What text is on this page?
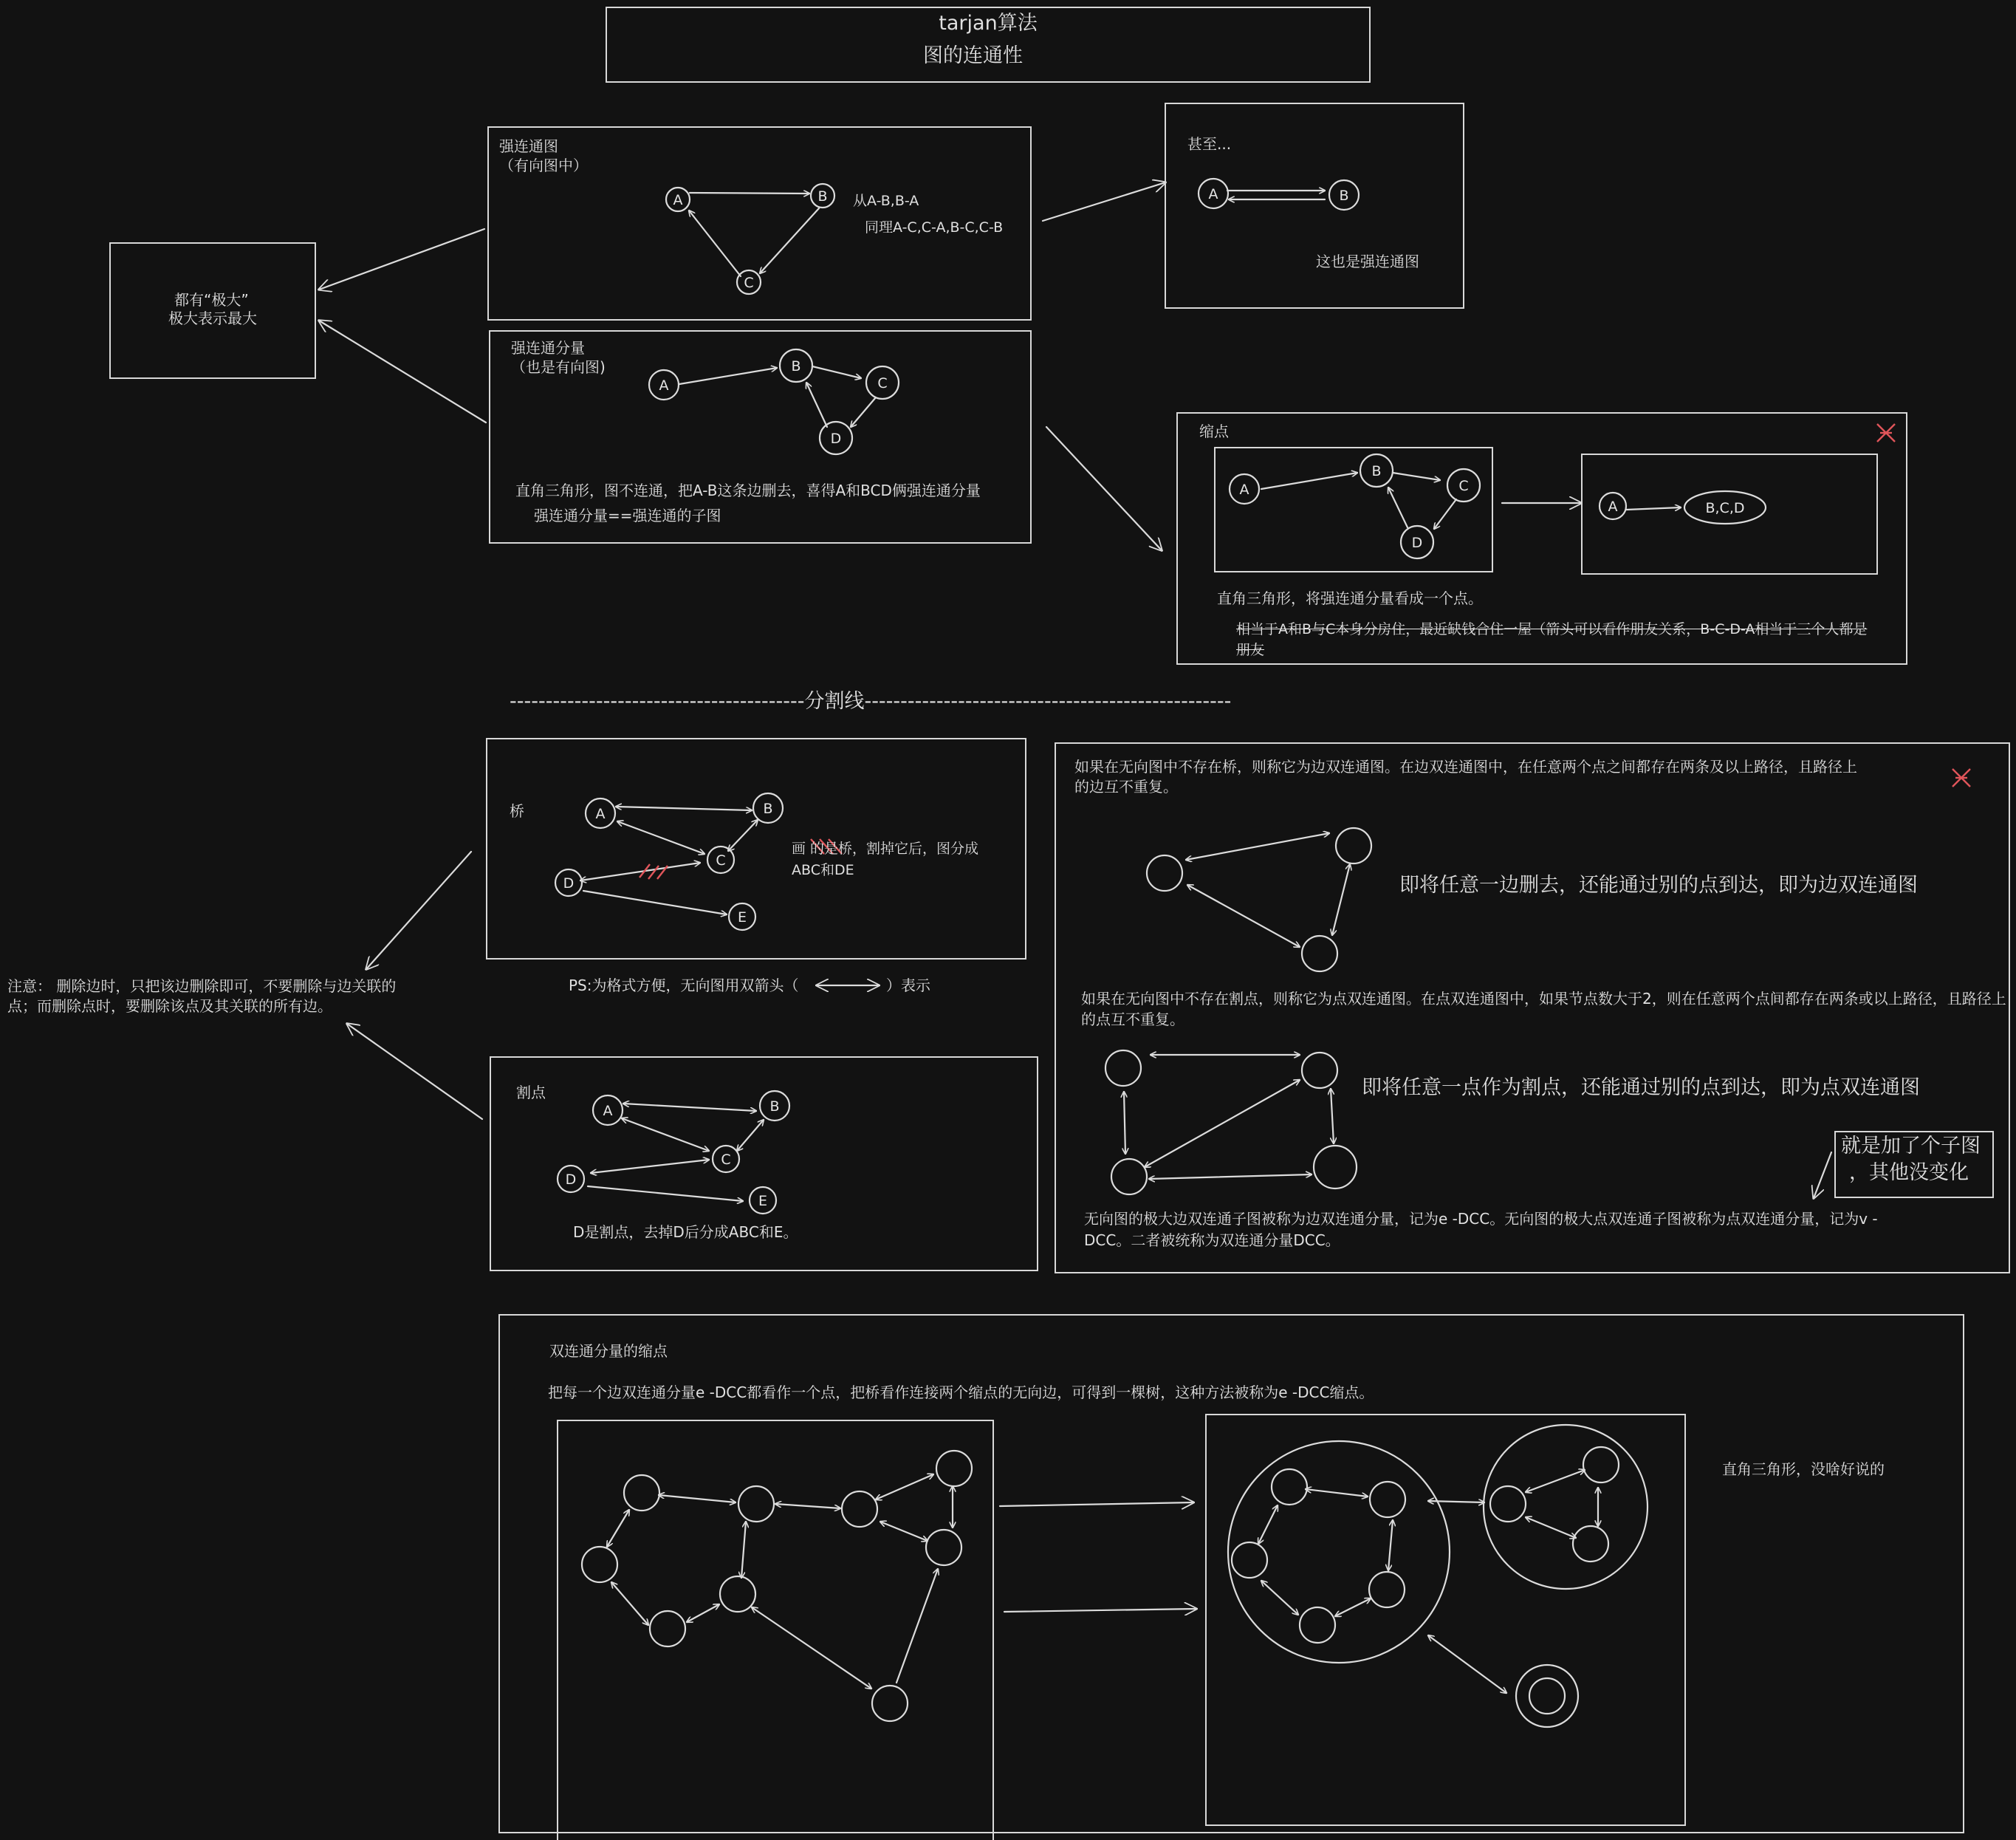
A	B
C
A	B
A
B
C
D
A
B
C
D
A	B,C,D
A	B
C
D
E
A	B
C
D
E
tarjan算法
图的连通性
都有“极大”
极大表示最大
强连通图
（有向图中）
从A-B,B-A
同理A-C,C-A,B-C,C-B
甚至...
这也是强连通图
强连通分量
（也是有向图)
直角三角形，图不连通，把A-B这条边删去，喜得A和BCD俩强连通分量
强连通分量==强连通的子图
缩点
直角三角形，将强连通分量看成一个点。
相当于A和B与C本身分房住，最近缺钱合住一屋（箭头可以看作朋友关系，B-C-D-A相当于三个人都是
朋友
-----------------------------------------分割线---------------------------------------------------
桥
画 的是桥，割掉它后，图分成
ABC和DE
PS:为格式方便，无向图用双箭头（	）表示
注意： 删除边时，只把该边删除即可，不要删除与边关联的
点；而删除点时，要删除该点及其关联的所有边。
割点
D是割点，去掉D后分成ABC和E。
如果在无向图中不存在桥，则称它为边双连通图。在边双连通图中，在任意两个点之间都存在两条及以上路径，且路径上
的边互不重复。
即将任意一边删去，还能通过别的点到达，即为边双连通图
如果在无向图中不存在割点，则称它为点双连通图。在点双连通图中，如果节点数大于2，则在任意两个点间都存在两条或以上路径，且路径上
的点互不重复。
即将任意一点作为割点，还能通过别的点到达，即为点双连通图
就是加了个子图
，其他没变化
无向图的极大边双连通子图被称为边双连通分量，记为e -DCC。无向图的极大点双连通子图被称为点双连通分量，记为v -
DCC。二者被统称为双连通分量DCC。
双连通分量的缩点
把每一个边双连通分量e -DCC都看作一个点，把桥看作连接两个缩点的无向边，可得到一棵树，这种方法被称为e -DCC缩点。
直角三角形，没啥好说的
